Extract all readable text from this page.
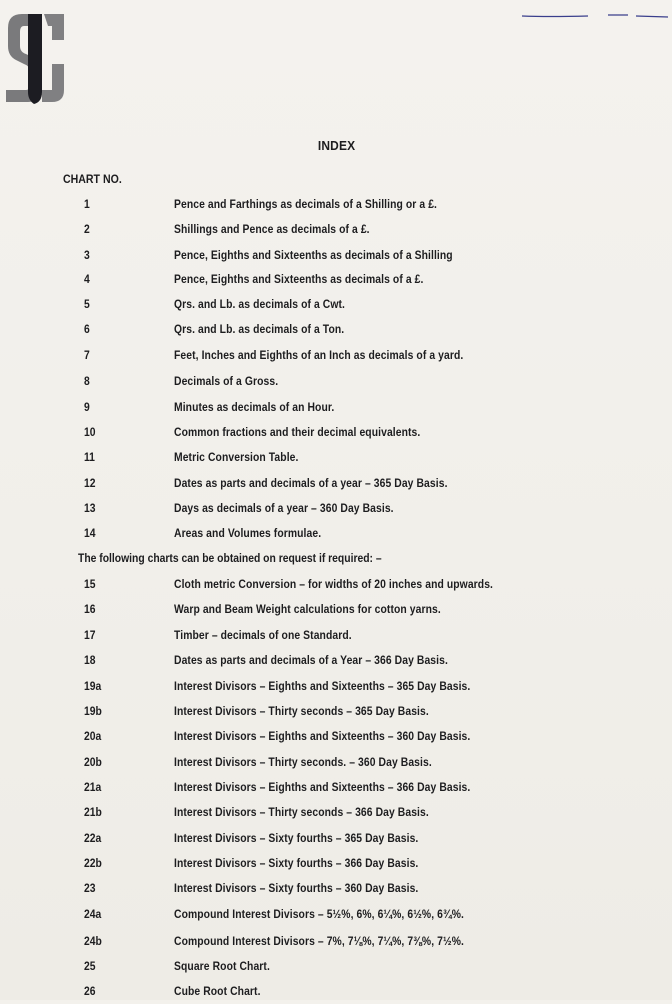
INDEX
CHART NO.
1	Pence and Farthings as decimals of a Shilling or a £.
2	Shillings and Pence as decimals of a £.
3	Pence, Eighths and Sixteenths as decimals of a Shilling
4	Pence, Eighths and Sixteenths as decimals of a £.
5	Qrs. and Lb. as decimals of a Cwt.
6	Qrs. and Lb. as decimals of a Ton.
7	Feet, Inches and Eighths of an Inch as decimals of a yard.
8	Decimals of a Gross.
9	Minutes as decimals of an Hour.
10	Common fractions and their decimal equivalents.
11	Metric Conversion Table.
12	Dates as parts and decimals of a year – 365 Day Basis.
13	Days as decimals of a year – 360 Day Basis.
14	Areas and Volumes formulae.
The following charts can be obtained on request if required: –
15	Cloth metric Conversion – for widths of 20 inches and upwards.
16	Warp and Beam Weight calculations for cotton yarns.
17	Timber – decimals of one Standard.
18	Dates as parts and decimals of a Year – 366 Day Basis.
19a	Interest Divisors – Eighths and Sixteenths – 365 Day Basis.
19b	Interest Divisors – Thirty seconds – 365 Day Basis.
20a	Interest Divisors – Eighths and Sixteenths – 360 Day Basis.
20b	Interest Divisors – Thirty seconds. – 360 Day Basis.
21a	Interest Divisors – Eighths and Sixteenths – 366 Day Basis.
21b	Interest Divisors – Thirty seconds – 366 Day Basis.
22a	Interest Divisors – Sixty fourths – 365 Day Basis.
22b	Interest Divisors – Sixty fourths – 366 Day Basis.
23	Interest Divisors – Sixty fourths – 360 Day Basis.
24a	Compound Interest Divisors – 5½%, 6%, 6¼%, 6½%, 6¾%.
24b	Compound Interest Divisors – 7%, 7⅛%, 7¼%, 7⅜%, 7½%.
25	Square Root Chart.
26	Cube Root Chart.
